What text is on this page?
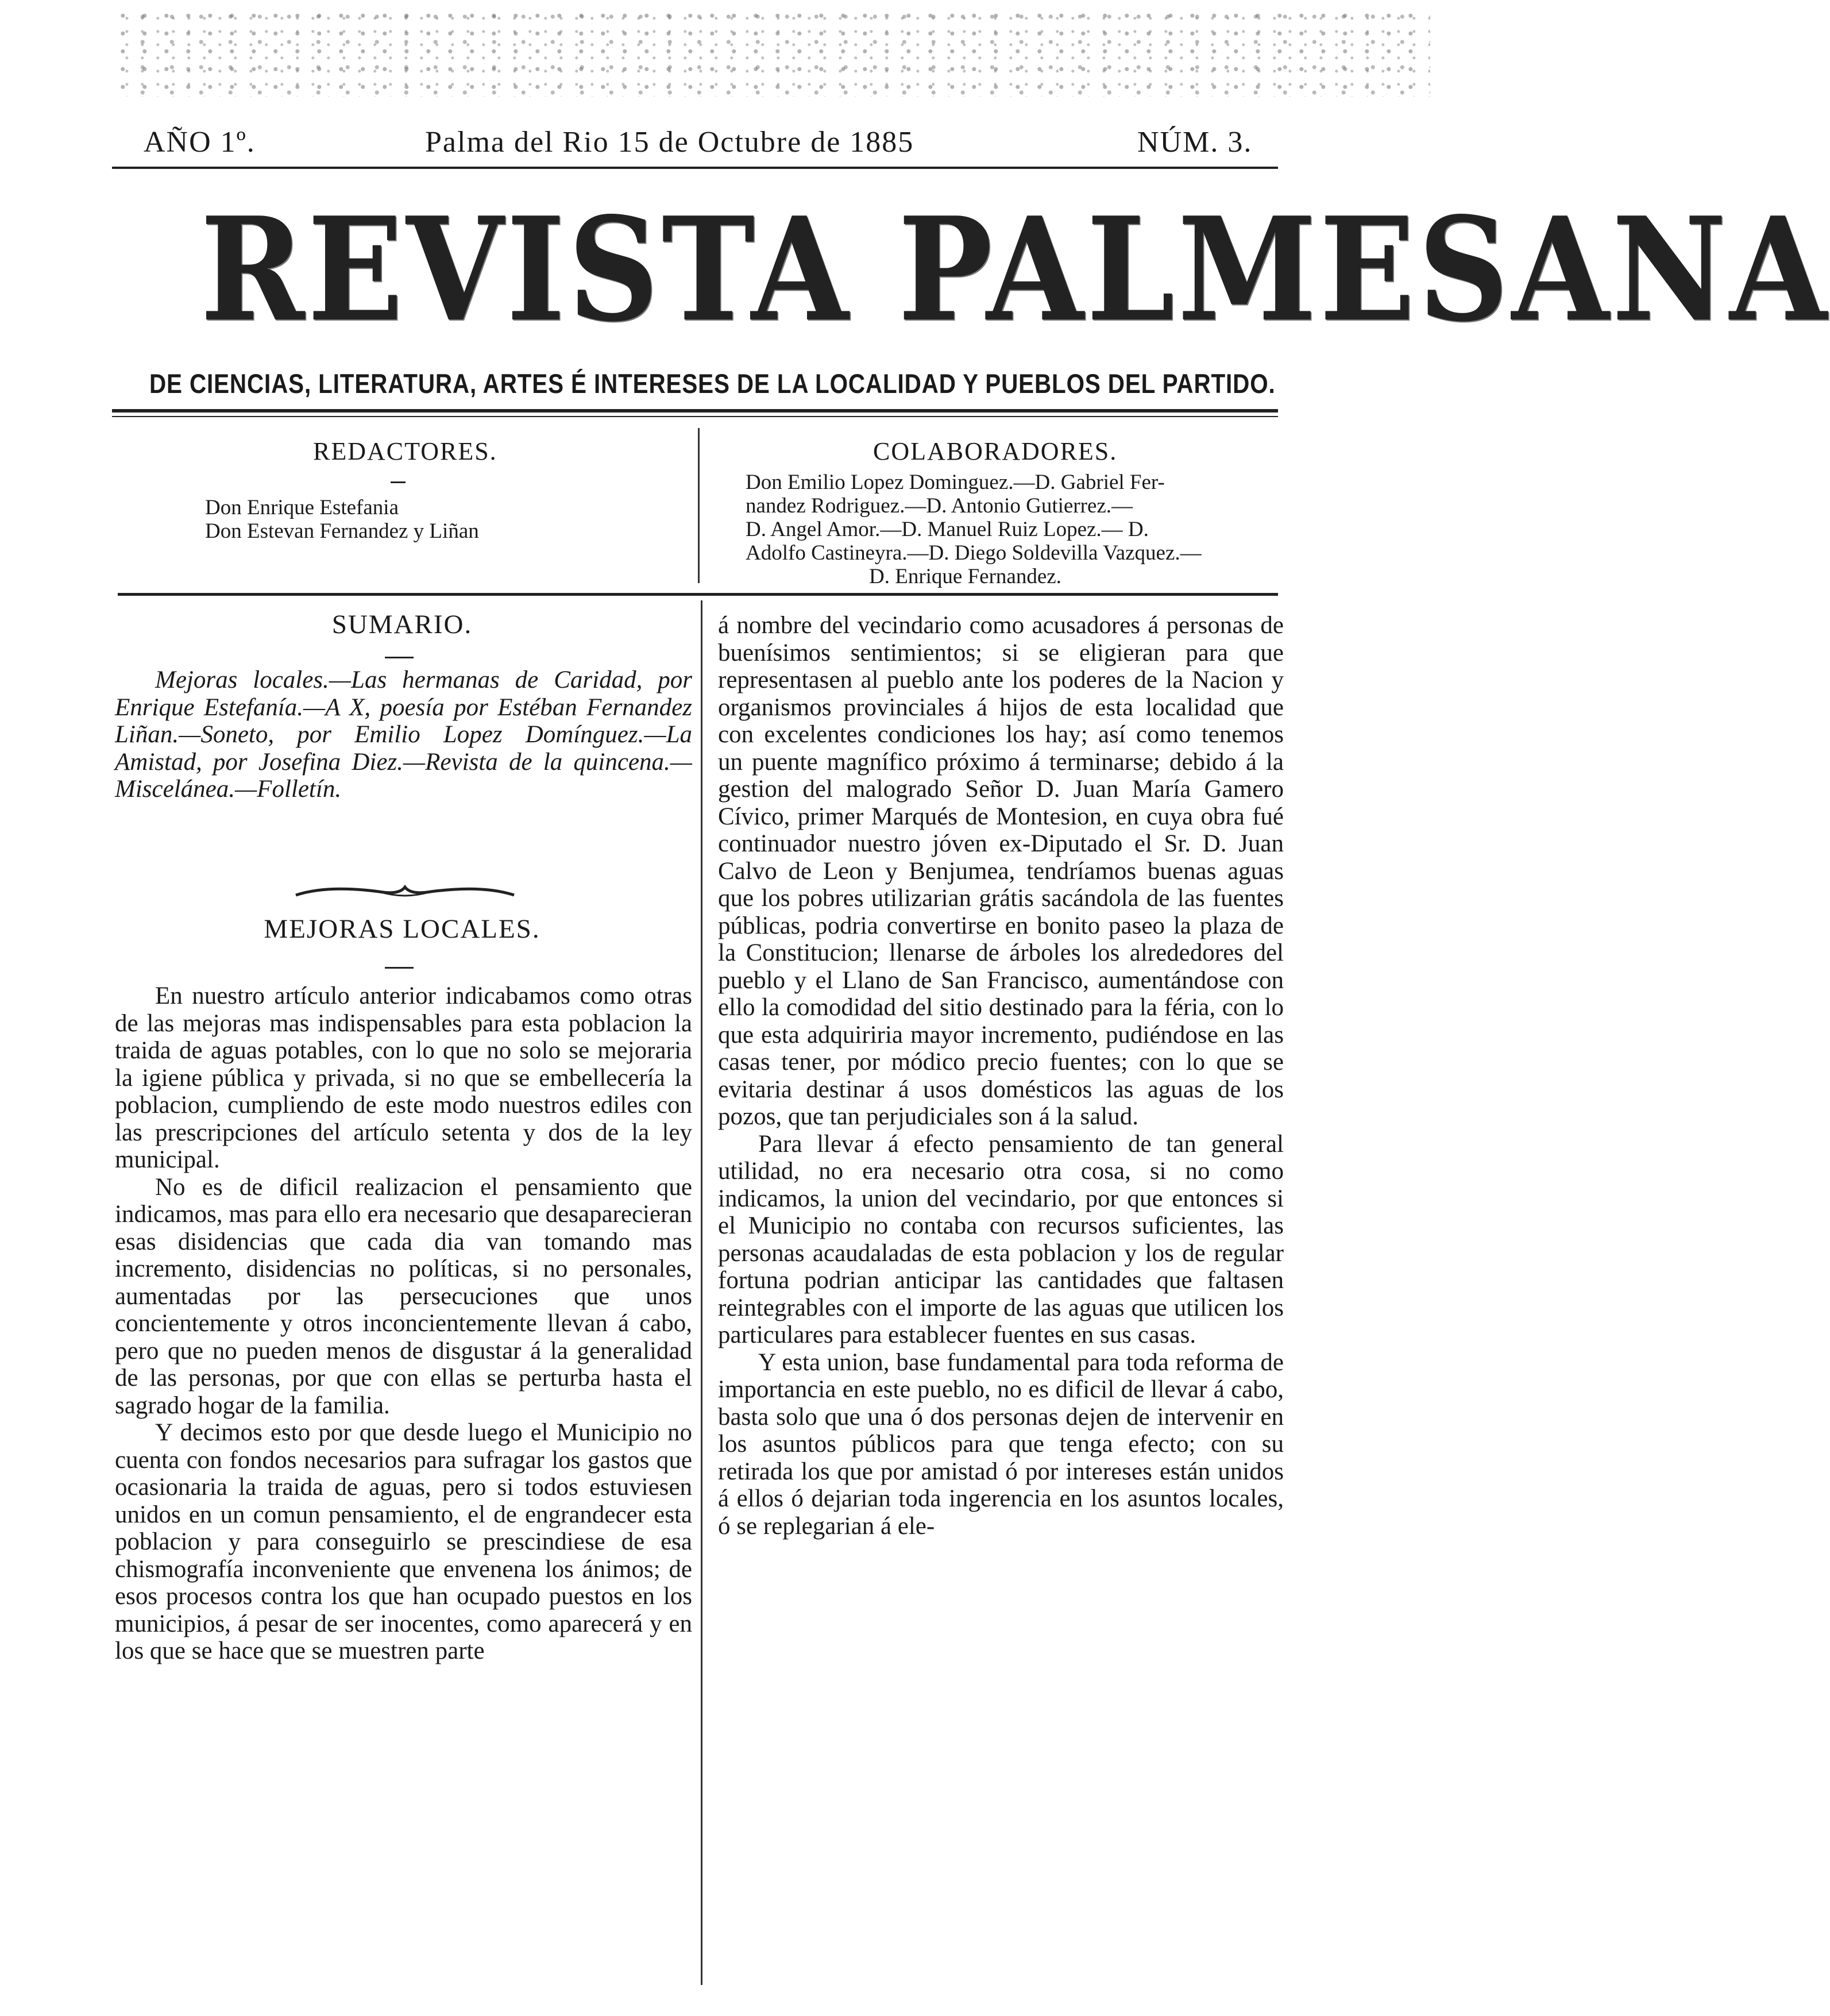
AÑO 1º.	Palma del Rio 15 de Octubre de 1885	NÚM. 3.
REVISTA PALMESANA
DE CIENCIAS, LITERATURA, ARTES É INTERESES DE LA LOCALIDAD Y PUEBLOS DEL PARTIDO.
REDACTORES.
Don Enrique Estefania
Don Estevan Fernandez y Liñan
COLABORADORES.
Don Emilio Lopez Dominguez.—D. Gabriel Fer-
nandez Rodriguez.—D. Antonio Gutierrez.—
D. Angel Amor.—D. Manuel Ruiz Lopez.— D.
Adolfo Castineyra.—D. Diego Soldevilla Vazquez.—
D. Enrique Fernandez.
SUMARIO.
Mejoras locales.—Las hermanas de Caridad, por Enrique Estefanía.—A X, poesía por Estéban Fernandez Liñan.—Soneto, por Emilio Lopez Domínguez.—La Amistad, por Josefina Diez.—Revista de la quincena.—Miscelánea.—Folletín.
MEJORAS LOCALES.

En nuestro artículo anterior indicabamos como otras de las mejoras mas indispensables para esta poblacion la traida de aguas potables, con lo que no solo se mejoraria la igiene pública y privada, si no que se embellecería la poblacion, cumpliendo de este modo nuestros ediles con las prescripciones del artículo setenta y dos de la ley municipal.

No es de dificil realizacion el pensamiento que indicamos, mas para ello era necesario que desaparecieran esas disidencias que cada dia van tomando mas incremento, disidencias no políticas, si no personales, aumentadas por las persecuciones que unos concientemente y otros inconcientemente llevan á cabo, pero que no pueden menos de disgustar á la generalidad de las personas, por que con ellas se perturba hasta el sagrado hogar de la familia.

Y decimos esto por que desde luego el Municipio no cuenta con fondos necesarios para sufragar los gastos que ocasionaria la traida de aguas, pero si todos estuviesen unidos en un comun pensamiento, el de engrandecer esta poblacion y para conseguirlo se prescindiese de esa chismografía inconveniente que envenena los ánimos; de esos procesos contra los que han ocupado puestos en los municipios, á pesar de ser inocentes, como aparecerá y en los que se hace que se muestren parte

á nombre del vecindario como acusadores á personas de buenísimos sentimientos; si se eligieran para que representasen al pueblo ante los poderes de la Nacion y organismos provinciales á hijos de esta localidad que con excelentes condiciones los hay; así como tenemos un puente magnífico próximo á terminarse; debido á la gestion del malogrado Señor D. Juan María Gamero Cívico, primer Marqués de Montesion, en cuya obra fué continuador nuestro jóven ex-Diputado el Sr. D. Juan Calvo de Leon y Benjumea, tendríamos buenas aguas que los pobres utilizarian grátis sacándola de las fuentes públicas, podria convertirse en bonito paseo la plaza de la Constitucion; llenarse de árboles los alrededores del pueblo y el Llano de San Francisco, aumentándose con ello la comodidad del sitio destinado para la féria, con lo que esta adquiriria mayor incremento, pudiéndose en las casas tener, por módico precio fuentes; con lo que se evitaria destinar á usos domésticos las aguas de los pozos, que tan perjudiciales son á la salud.

Para llevar á efecto pensamiento de tan general utilidad, no era necesario otra cosa, si no como indicamos, la union del vecindario, por que entonces si el Municipio no contaba con recursos suficientes, las personas acaudaladas de esta poblacion y los de regular fortuna podrian anticipar las cantidades que faltasen reintegrables con el importe de las aguas que utilicen los particulares para establecer fuentes en sus casas.

Y esta union, base fundamental para toda reforma de importancia en este pueblo, no es dificil de llevar á cabo, basta solo que una ó dos personas dejen de intervenir en los asuntos públicos para que tenga efecto; con su retirada los que por amistad ó por intereses están unidos á ellos ó dejarian toda ingerencia en los asuntos locales, ó se replegarian á ele-
